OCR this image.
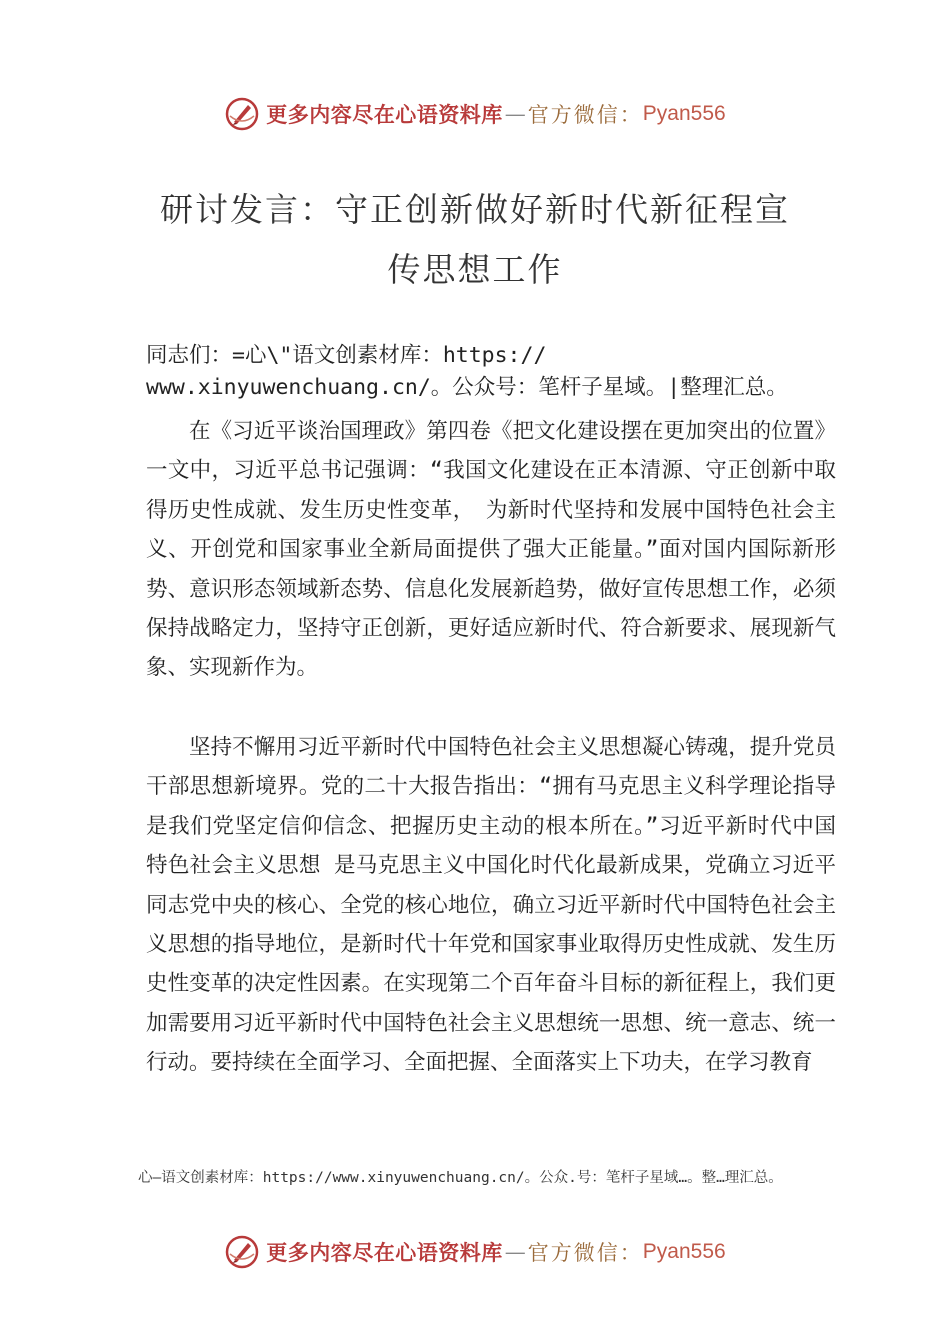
更多内容尽在心语资料库 — 官方微信： Pyan556
研讨发言：守正创新做好新时代新征程宣
传思想工作
同志们：=心\"语文创素材库：https://
www.xinyuwenchuang.cn/。公众号：笔杆子星域。|整理汇总。

在《习近平谈治国理政》第四卷《把文化建设摆在更加突出的位置》一文中，习近平总书记强调：“我国文化建设在正本清源、守正创新中取得历史性成就、发生历史性变革，　为新时代坚持和发展中国特色社会主义、开创党和国家事业全新局面提供了强大正能量。”面对国内国际新形势、意识形态领域新态势、信息化发展新趋势，做好宣传思想工作，必须保持战略定力，坚持守正创新，更好适应新时代、符合新要求、展现新气象、实现新作为。

坚持不懈用习近平新时代中国特色社会主义思想凝心铸魂，提升党员干部思想新境界。党的二十大报告指出：“拥有马克思主义科学理论指导是我们党坚定信仰信念、把握历史主动的根本所在。”习近平新时代中国特色社会主义思想 是马克思主义中国化时代化最新成果，党确立习近平同志党中央的核心、全党的核心地位，确立习近平新时代中国特色社会主义思想的指导地位，是新时代十年党和国家事业取得历史性成就、发生历史性变革的决定性因素。在实现第二个百年奋斗目标的新征程上，我们更加需要用习近平新时代中国特色社会主义思想统一思想、统一意志、统一行动。要持续在全面学习、全面把握、全面落实上下功夫，在学习教育

心—语文创素材库：https://www.xinyuwenchuang.cn/。公众.号：笔杆子星域…。整…理汇总。
更多内容尽在心语资料库 — 官方微信： Pyan556
